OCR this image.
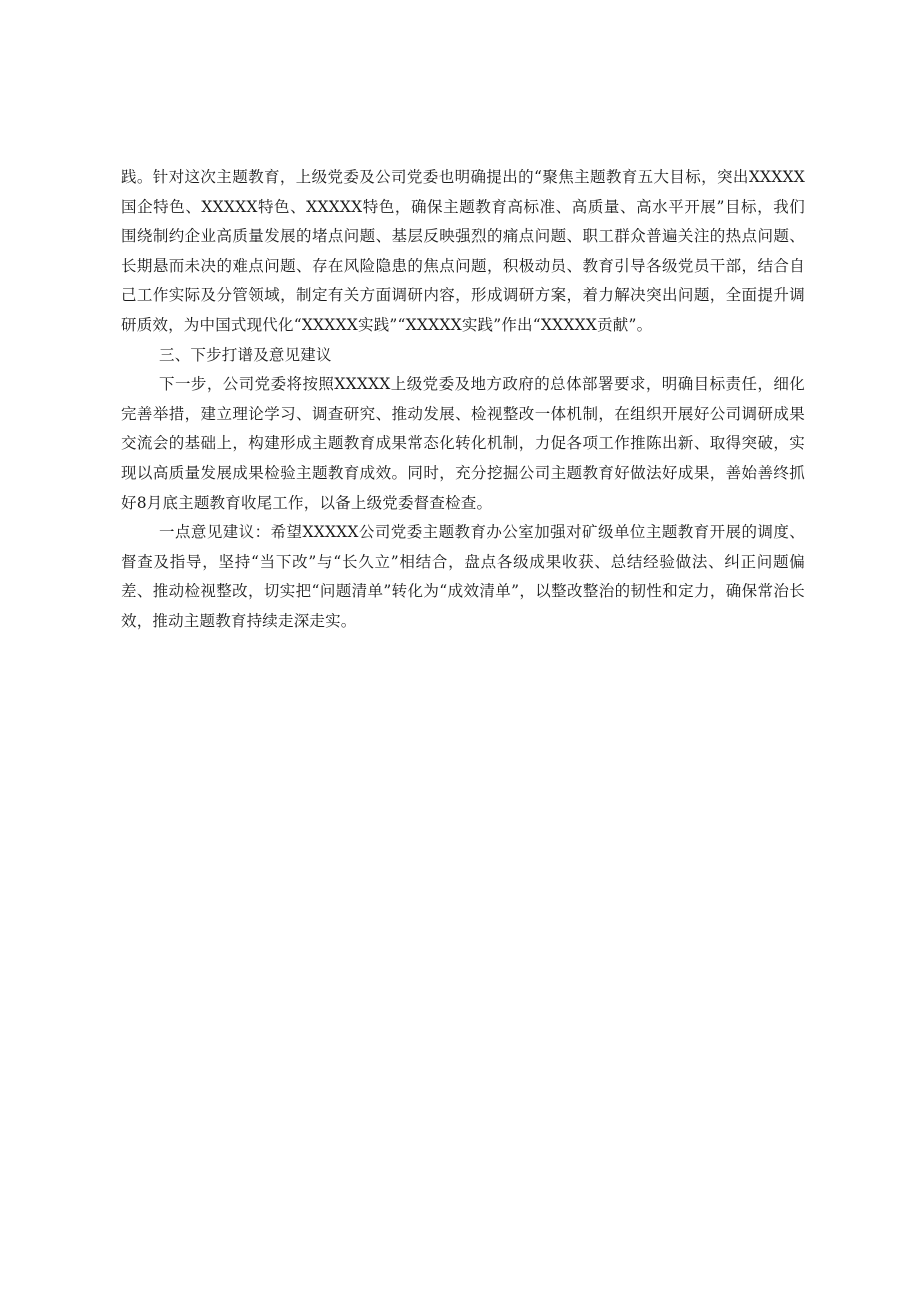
践。针对这次主题教育，上级党委及公司党委也明确提出的“聚焦主题教育五大目标，突出XXXXX国企特色、XXXXX特色、XXXXX特色，确保主题教育高标准、高质量、高水平开展”目标，我们围绕制约企业高质量发展的堵点问题、基层反映强烈的痛点问题、职工群众普遍关注的热点问题、长期悬而未决的难点问题、存在风险隐患的焦点问题，积极动员、教育引导各级党员干部，结合自己工作实际及分管领域，制定有关方面调研内容，形成调研方案，着力解决突出问题，全面提升调研质效，为中国式现代化“XXXXX实践”“XXXXX实践”作出“XXXXX贡献”。

三、下步打谱及意见建议

下一步，公司党委将按照XXXXX上级党委及地方政府的总体部署要求，明确目标责任，细化完善举措，建立理论学习、调查研究、推动发展、检视整改一体机制，在组织开展好公司调研成果交流会的基础上，构建形成主题教育成果常态化转化机制，力促各项工作推陈出新、取得突破，实现以高质量发展成果检验主题教育成效。同时，充分挖掘公司主题教育好做法好成果，善始善终抓好8月底主题教育收尾工作，以备上级党委督查检查。

一点意见建议：希望XXXXX公司党委主题教育办公室加强对矿级单位主题教育开展的调度、督查及指导，坚持“当下改”与“长久立”相结合，盘点各级成果收获、总结经验做法、纠正问题偏差、推动检视整改，切实把“问题清单”转化为“成效清单”，以整改整治的韧性和定力，确保常治长效，推动主题教育持续走深走实。
